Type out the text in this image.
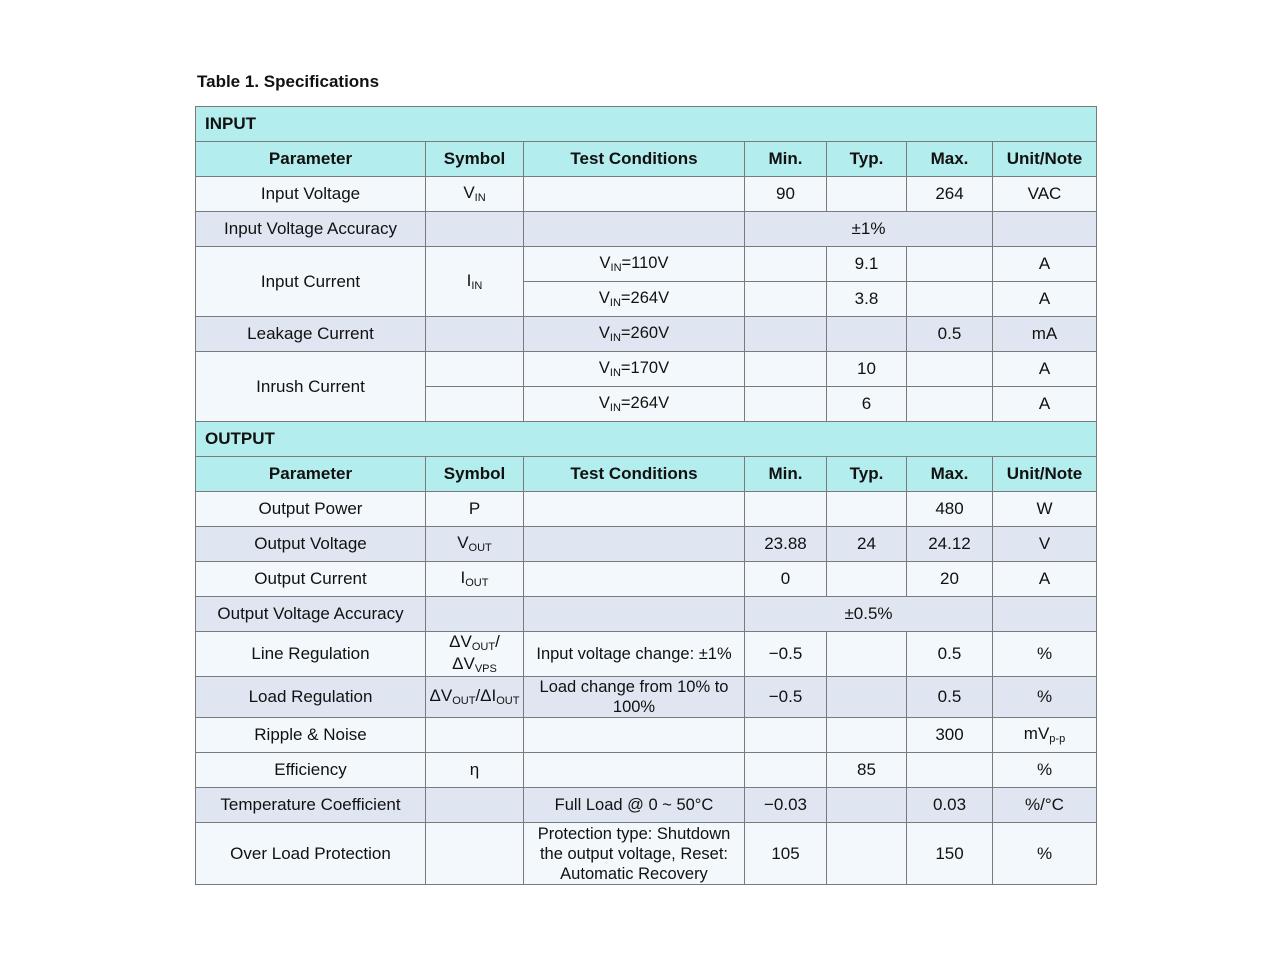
Table 1. Specifications
INPUT						
Parameter	Symbol	Test Conditions	Min.	Typ.	Max.	Unit/Note
Input Voltage	$V_{IN}$		90		264	VAC
Input Voltage Accuracy			±1%			
Input Current	$I_{IN}$	$V_{IN}=110V$		9.1		A
		$V_{IN}=264V$		3.8		A
Leakage Current		$V_{IN}=260V$			0.5	mA
Inrush Current		$V_{IN}=170V$		10		A
		$V_{IN}=264V$		6		A
OUTPUT						
Parameter	Symbol	Test Conditions	Min.	Typ.	Max.	Unit/Note
Output Power	P				480	W
Output Voltage	$V_{OUT}$		23.88	24	24.12	V
Output Current	$I_{OUT}$		0		20	A
Output Voltage Accuracy			±0.5%			
Line Regulation	$\Delta V_{OUT}/\Delta V_{VPS}$	Input voltage change: ±1%	−0.5		0.5	%
Load Regulation	$\Delta V_{OUT}/\Delta I_{OUT}$	Load change from 10% to 100%	−0.5		0.5	%
Ripple & Noise					300	$mV_{p-p}$
Efficiency	η			85		%
Temperature Coefficient		Full Load @ 0 ~ 50°C	−0.03		0.03	%/°C
Over Load Protection		Protection type: Shutdown the output voltage, Reset: Automatic Recovery	105		150	%
